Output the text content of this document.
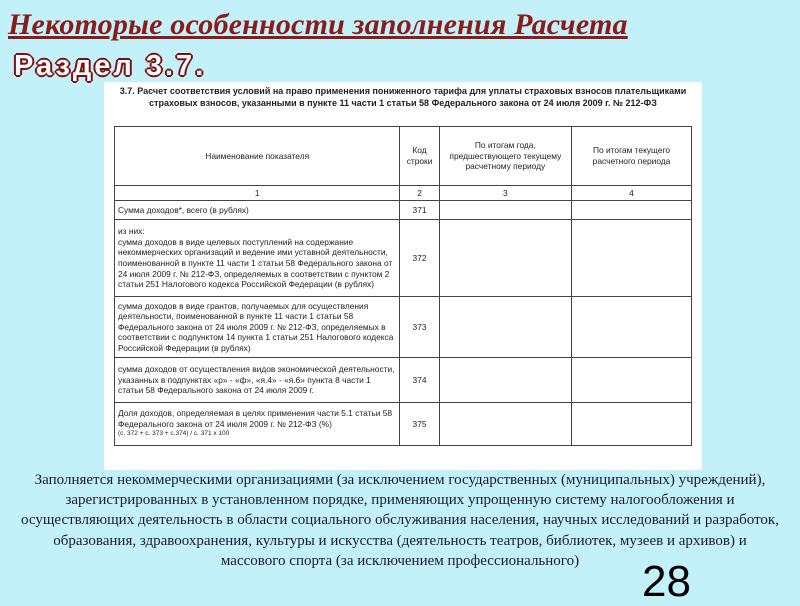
Некоторые особенности заполнения Расчета
Раздел 3.7.
3.7. Расчет соответствия условий на право применения пониженного тарифа для уплаты страховых взносов плательщиками страховых взносов, указанными в пункте 11 части 1 статьи 58 Федерального закона от 24 июля 2009 г. № 212-ФЗ
Наименование показателя	Код строки	По итогам года, предшествующего текущему расчетному периоду	По итогам текущего расчетного периода
1	2	3	4
Сумма доходов*, всего (в рублях)	371		
из них:
сумма доходов в виде целевых поступлений на содержание некоммерческих организаций и ведение ими уставной деятельности, поименованной в пункте 11 части 1 статьи 58 Федерального закона от 24 июля 2009 г. № 212-ФЗ, определяемых в соответствии с пунктом 2 статьи 251 Налогового кодекса Российской Федерации (в рублях)	372		
сумма доходов в виде грантов, получаемых для осуществления деятельности, поименованной в пункте 11 части 1 статьи 58 Федерального закона от 24 июля 2009 г. № 212-ФЗ, определяемых в соответствии с подпунктом 14 пункта 1 статьи 251 Налогового кодекса Российской Федерации (в рублях)	373		
сумма доходов от осуществления видов экономической деятельности, указанных в подпунктах «р» - «ф», «я.4» - «я.6» пункта 8 части 1 статьи 58 Федерального закона от 24 июля 2009 г.	374		

Доля доходов, определяемая в целях применения части 5.1 статьи 58 Федерального закона от 24 июля 2009 г. № 212-ФЗ (%)
(с. 372 + с. 373 + с.374) / с. 371 х 100	375		
Заполняется некоммерческими организациями (за исключением государственных (муниципальных) учреждений), зарегистрированных в установленном порядке, применяющих упрощенную систему налогообложения и осуществляющих деятельность в области социального обслуживания населения, научных исследований и разработок, образования, здравоохранения, культуры и искусства (деятельность театров, библиотек, музеев и архивов) и массового спорта (за исключением профессионального)	28
